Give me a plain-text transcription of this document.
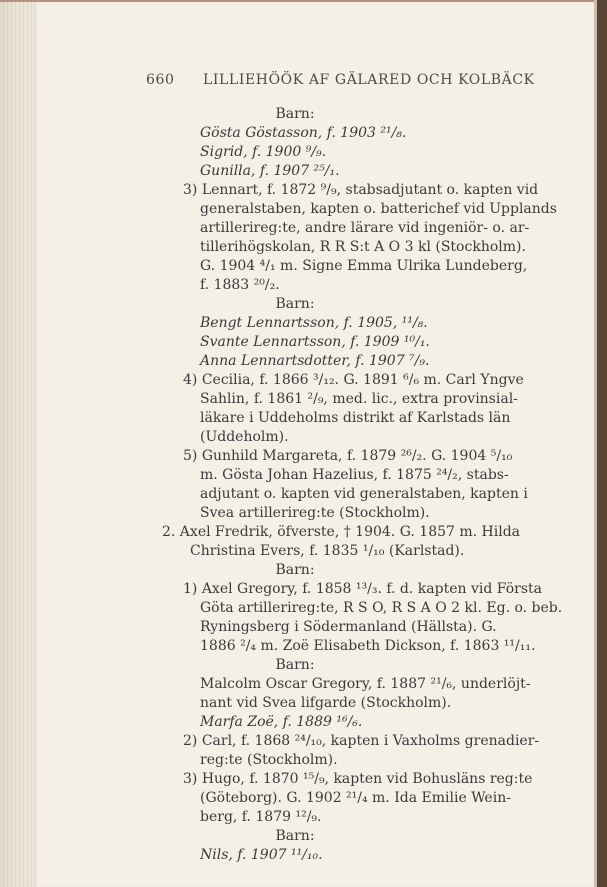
660 LILLIEHÖÖK AF GÄLARED OCH KOLBÄCK
Barn:
Gösta Göstasson, f. 1903 ²¹/₈.
Sigrid, f. 1900 ⁹/₉.
Gunilla, f. 1907 ²⁵/₁.
3) Lennart, f. 1872 ⁹/₉, stabsadjutant o. kapten vid
generalstaben, kapten o. batterichef vid Upplands
artillerireg:te, andre lärare vid ingeniör- o. ar-
tillerihögskolan, R R S:t A O 3 kl (Stockholm).
G. 1904 ⁴/₁ m. Signe Emma Ulrika Lundeberg,
f. 1883 ²⁰/₂.
Barn:
Bengt Lennartsson, f. 1905, ¹¹/₈.
Svante Lennartsson, f. 1909 ¹⁰/₁.
Anna Lennartsdotter, f. 1907 ⁷/₉.
4) Cecilia, f. 1866 ³/₁₂. G. 1891 ⁶/₆ m. Carl Yngve
Sahlin, f. 1861 ²/₉, med. lic., extra provinsial-
läkare i Uddeholms distrikt af Karlstads län
(Uddeholm).
5) Gunhild Margareta, f. 1879 ²⁶/₂. G. 1904 ⁵/₁₀
m. Gösta Johan Hazelius, f. 1875 ²⁴/₂, stabs-
adjutant o. kapten vid generalstaben, kapten i
Svea artillerireg:te (Stockholm).
2. Axel Fredrik, öfverste, † 1904. G. 1857 m. Hilda
Christina Evers, f. 1835 ¹/₁₀ (Karlstad).
Barn:
1) Axel Gregory, f. 1858 ¹³/₃. f. d. kapten vid Första
Göta artillerireg:te, R S O, R S A O 2 kl. Eg. o. beb.
Ryningsberg i Södermanland (Hällsta). G.
1886 ²/₄ m. Zoë Elisabeth Dickson, f. 1863 ¹¹/₁₁.
Barn:
Malcolm Oscar Gregory, f. 1887 ²¹/₆, underlöjt-
nant vid Svea lifgarde (Stockholm).
Marfa Zoë, f. 1889 ¹⁶/₆.
2) Carl, f. 1868 ²⁴/₁₀, kapten i Vaxholms grenadier-
reg:te (Stockholm).
3) Hugo, f. 1870 ¹⁵/₉, kapten vid Bohusläns reg:te
(Göteborg). G. 1902 ²¹/₄ m. Ida Emilie Wein-
berg, f. 1879 ¹²/₉.
Barn:
Nils, f. 1907 ¹¹/₁₀.
